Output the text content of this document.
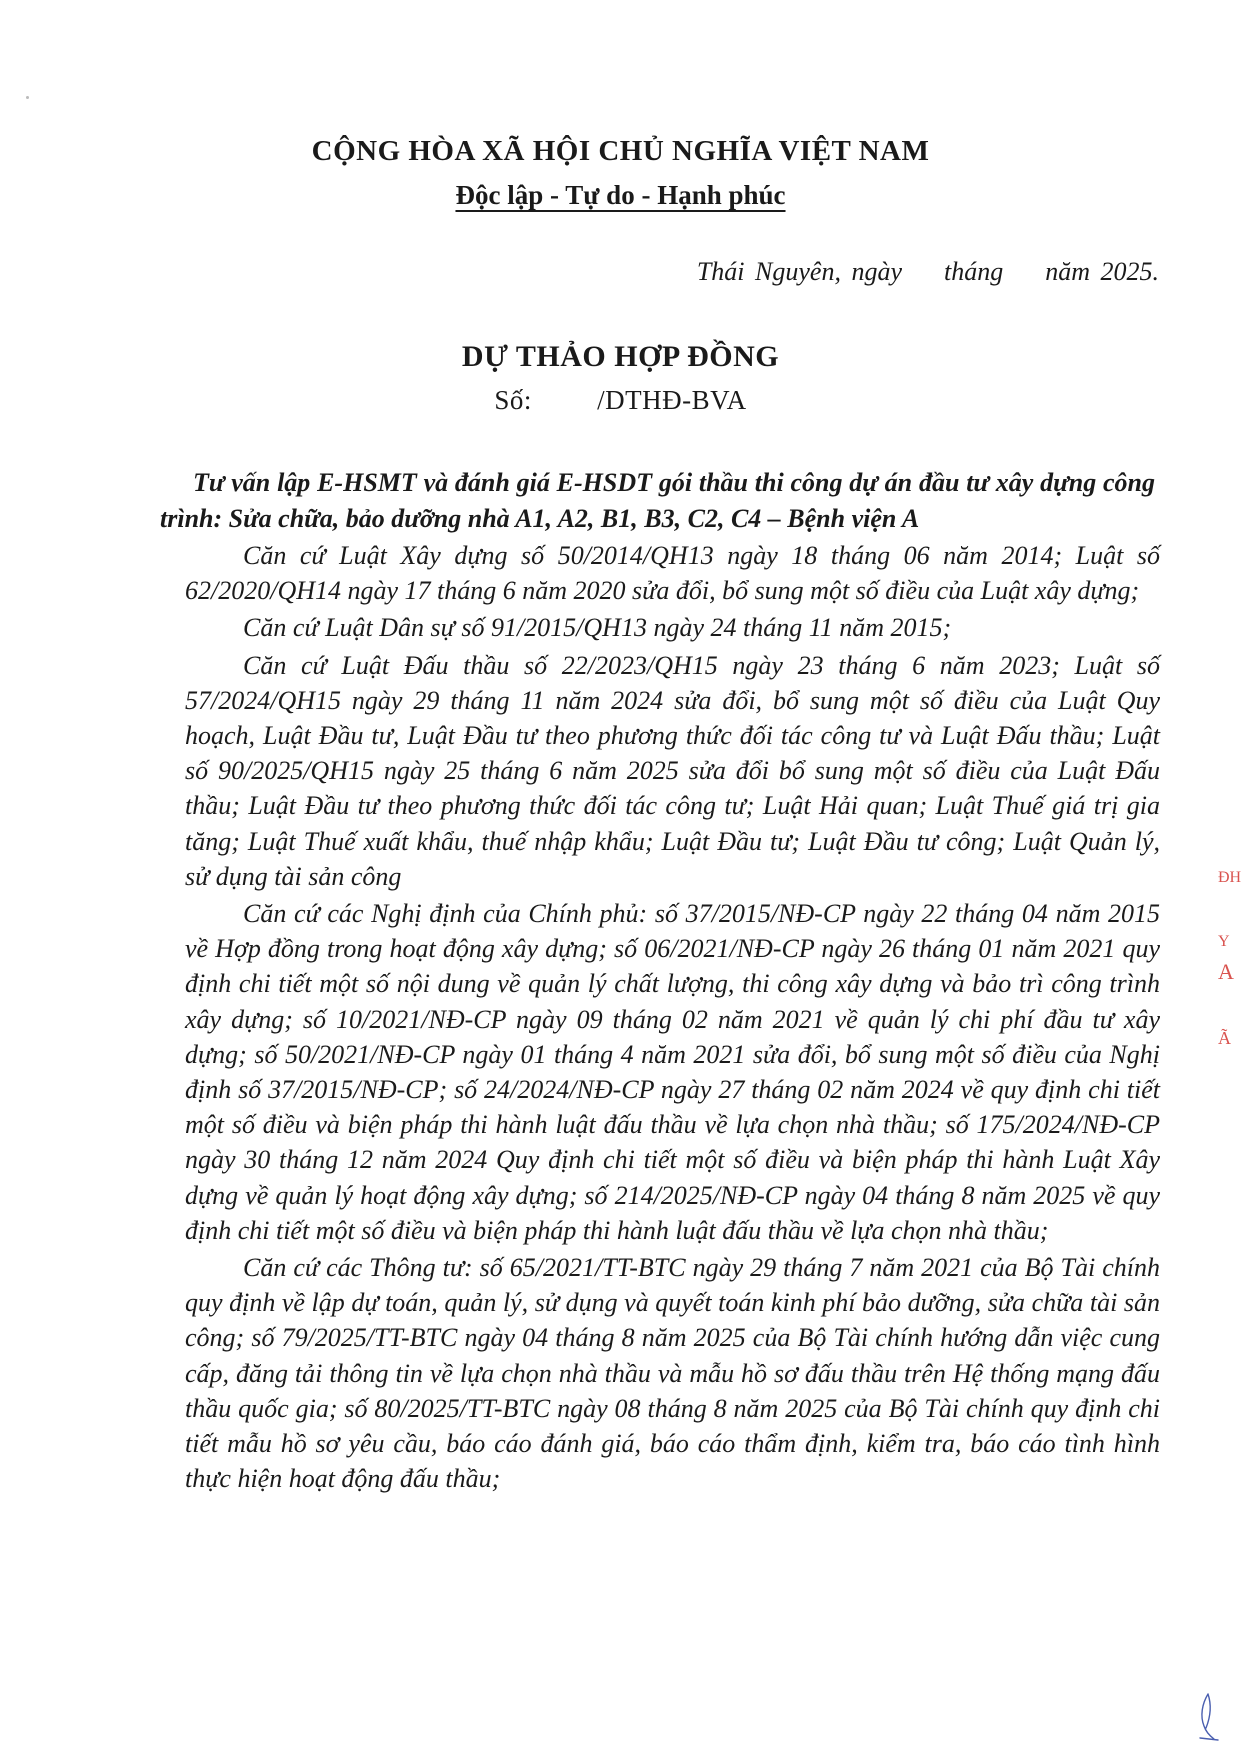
CỘNG HÒA XÃ HỘI CHỦ NGHĨA VIỆT NAM
Độc lập - Tự do - Hạnh phúc
Thái Nguyên, ngày    tháng    năm 2025.
DỰ THẢO HỢP ĐỒNG
Số:         /DTHĐ-BVA
Tư vấn lập E-HSMT và đánh giá E-HSDT gói thầu thi công dự án đầu tư xây dựng công trình: Sửa chữa, bảo dưỡng nhà A1, A2, B1, B3, C2, C4 – Bệnh viện A

Căn cứ Luật Xây dựng số 50/2014/QH13 ngày 18 tháng 06 năm 2014; Luật số 62/2020/QH14 ngày 17 tháng 6 năm 2020 sửa đổi, bổ sung một số điều của Luật xây dựng;

Căn cứ Luật Dân sự số 91/2015/QH13 ngày 24 tháng 11 năm 2015;

Căn cứ Luật Đấu thầu số 22/2023/QH15 ngày 23 tháng 6 năm 2023; Luật số 57/2024/QH15 ngày 29 tháng 11 năm 2024 sửa đổi, bổ sung một số điều của Luật Quy hoạch, Luật Đầu tư, Luật Đầu tư theo phương thức đối tác công tư và Luật Đấu thầu; Luật số 90/2025/QH15 ngày 25 tháng 6 năm 2025 sửa đổi bổ sung một số điều của Luật Đấu thầu; Luật Đầu tư theo phương thức đối tác công tư; Luật Hải quan; Luật Thuế giá trị gia tăng; Luật Thuế xuất khẩu, thuế nhập khẩu; Luật Đầu tư; Luật Đầu tư công; Luật Quản lý, sử dụng tài sản công

Căn cứ các Nghị định của Chính phủ: số 37/2015/NĐ-CP ngày 22 tháng 04 năm 2015 về Hợp đồng trong hoạt động xây dựng; số 06/2021/NĐ-CP ngày 26 tháng 01 năm 2021 quy định chi tiết một số nội dung về quản lý chất lượng, thi công xây dựng và bảo trì công trình xây dựng; số 10/2021/NĐ-CP ngày 09 tháng 02 năm 2021 về quản lý chi phí đầu tư xây dựng; số 50/2021/NĐ-CP ngày 01 tháng 4 năm 2021 sửa đổi, bổ sung một số điều của Nghị định số 37/2015/NĐ-CP; số 24/2024/NĐ-CP ngày 27 tháng 02 năm 2024 về quy định chi tiết một số điều và biện pháp thi hành luật đấu thầu về lựa chọn nhà thầu; số 175/2024/NĐ-CP ngày 30 tháng 12 năm 2024 Quy định chi tiết một số điều và biện pháp thi hành Luật Xây dựng về quản lý hoạt động xây dựng; số 214/2025/NĐ-CP ngày 04 tháng 8 năm 2025 về quy định chi tiết một số điều và biện pháp thi hành luật đấu thầu về lựa chọn nhà thầu;

Căn cứ các Thông tư: số 65/2021/TT-BTC ngày 29 tháng 7 năm 2021 của Bộ Tài chính quy định về lập dự toán, quản lý, sử dụng và quyết toán kinh phí bảo dưỡng, sửa chữa tài sản công; số 79/2025/TT-BTC ngày 04 tháng 8 năm 2025 của Bộ Tài chính hướng dẫn việc cung cấp, đăng tải thông tin về lựa chọn nhà thầu và mẫu hồ sơ đấu thầu trên Hệ thống mạng đấu thầu quốc gia; số 80/2025/TT-BTC ngày 08 tháng 8 năm 2025 của Bộ Tài chính quy định chi tiết mẫu hồ sơ yêu cầu, báo cáo đánh giá, báo cáo thẩm định, kiểm tra, báo cáo tình hình thực hiện hoạt động đấu thầu;

ĐH
Y
A
Ã
